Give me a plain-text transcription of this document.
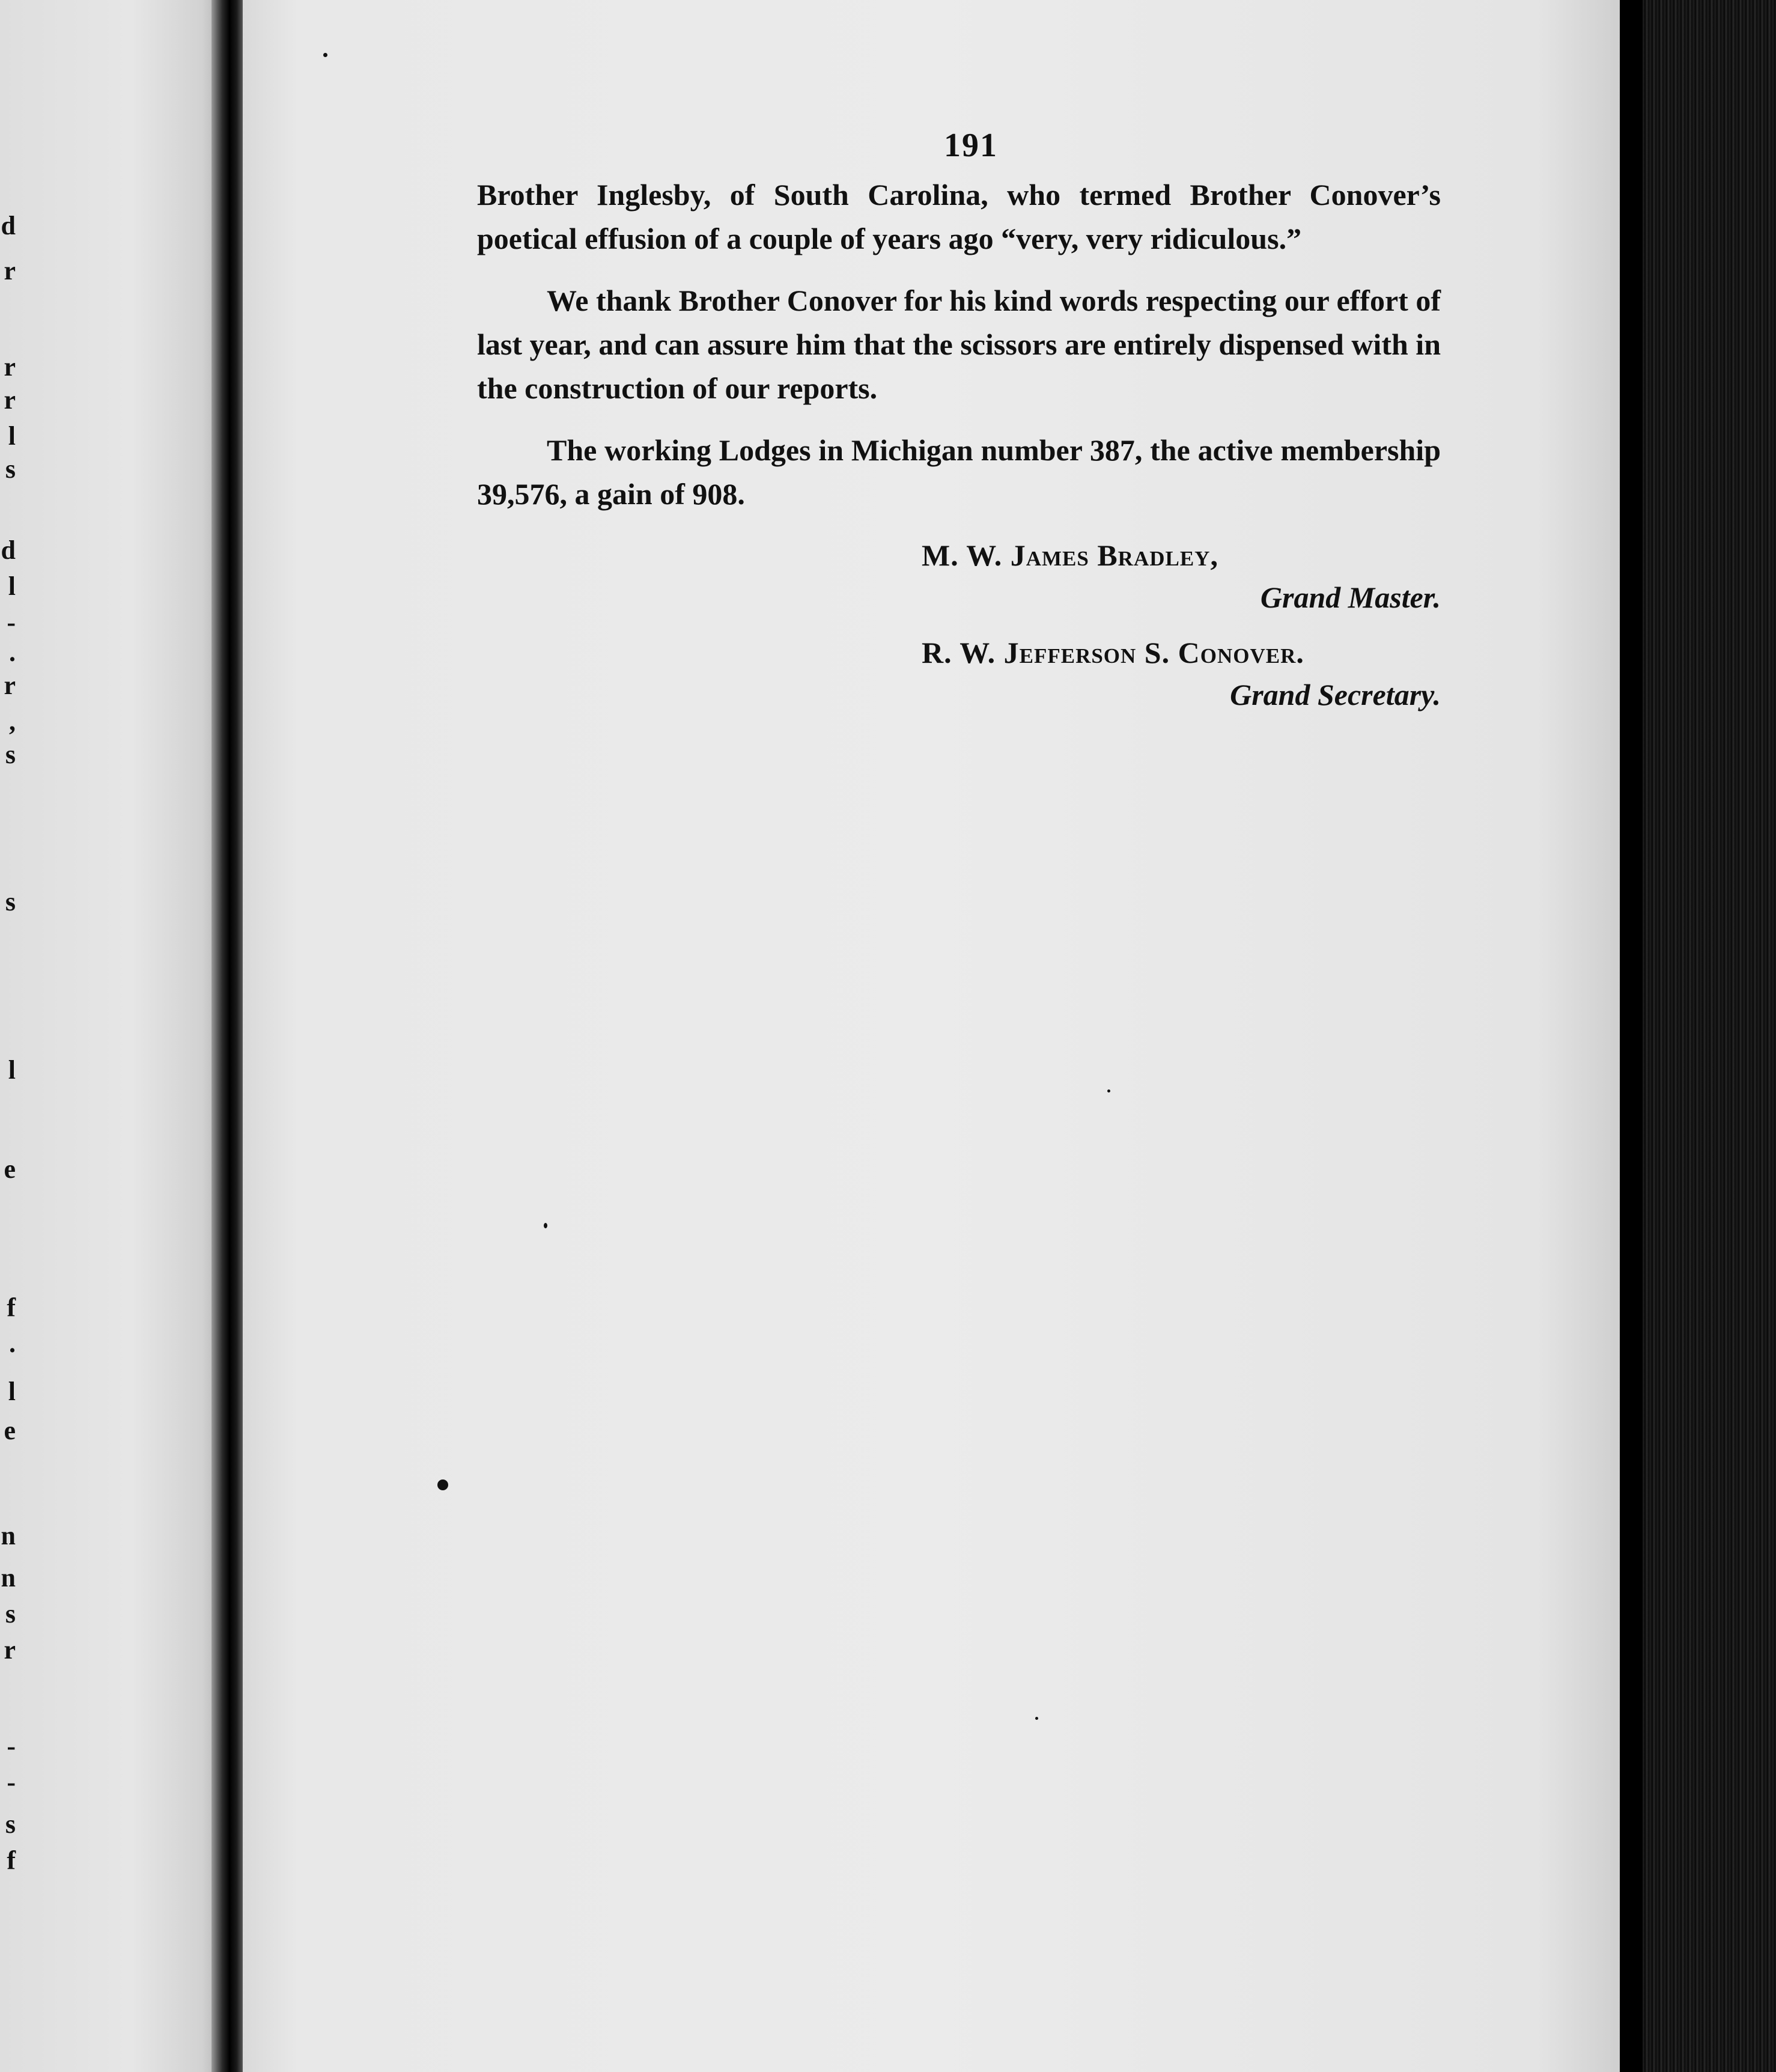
d
r
r
r
l
s
d
l
-
.
r
,
s
s
l
e
f
.
l
e
n
n
s
r
-
-
s
f
191

Brother Inglesby, of South Carolina, who termed Brother Conover’s poetical effusion of a couple of years ago “very, very ridiculous.”

We thank Brother Conover for his kind words respecting our effort of last year, and can assure him that the scissors are entirely dispensed with in the construction of our reports.

The working Lodges in Michigan number 387, the active membership 39,576, a gain of 908.

M. W. James Bradley,
Grand Master.
R. W. Jefferson S. Conover.
Grand Secretary.
